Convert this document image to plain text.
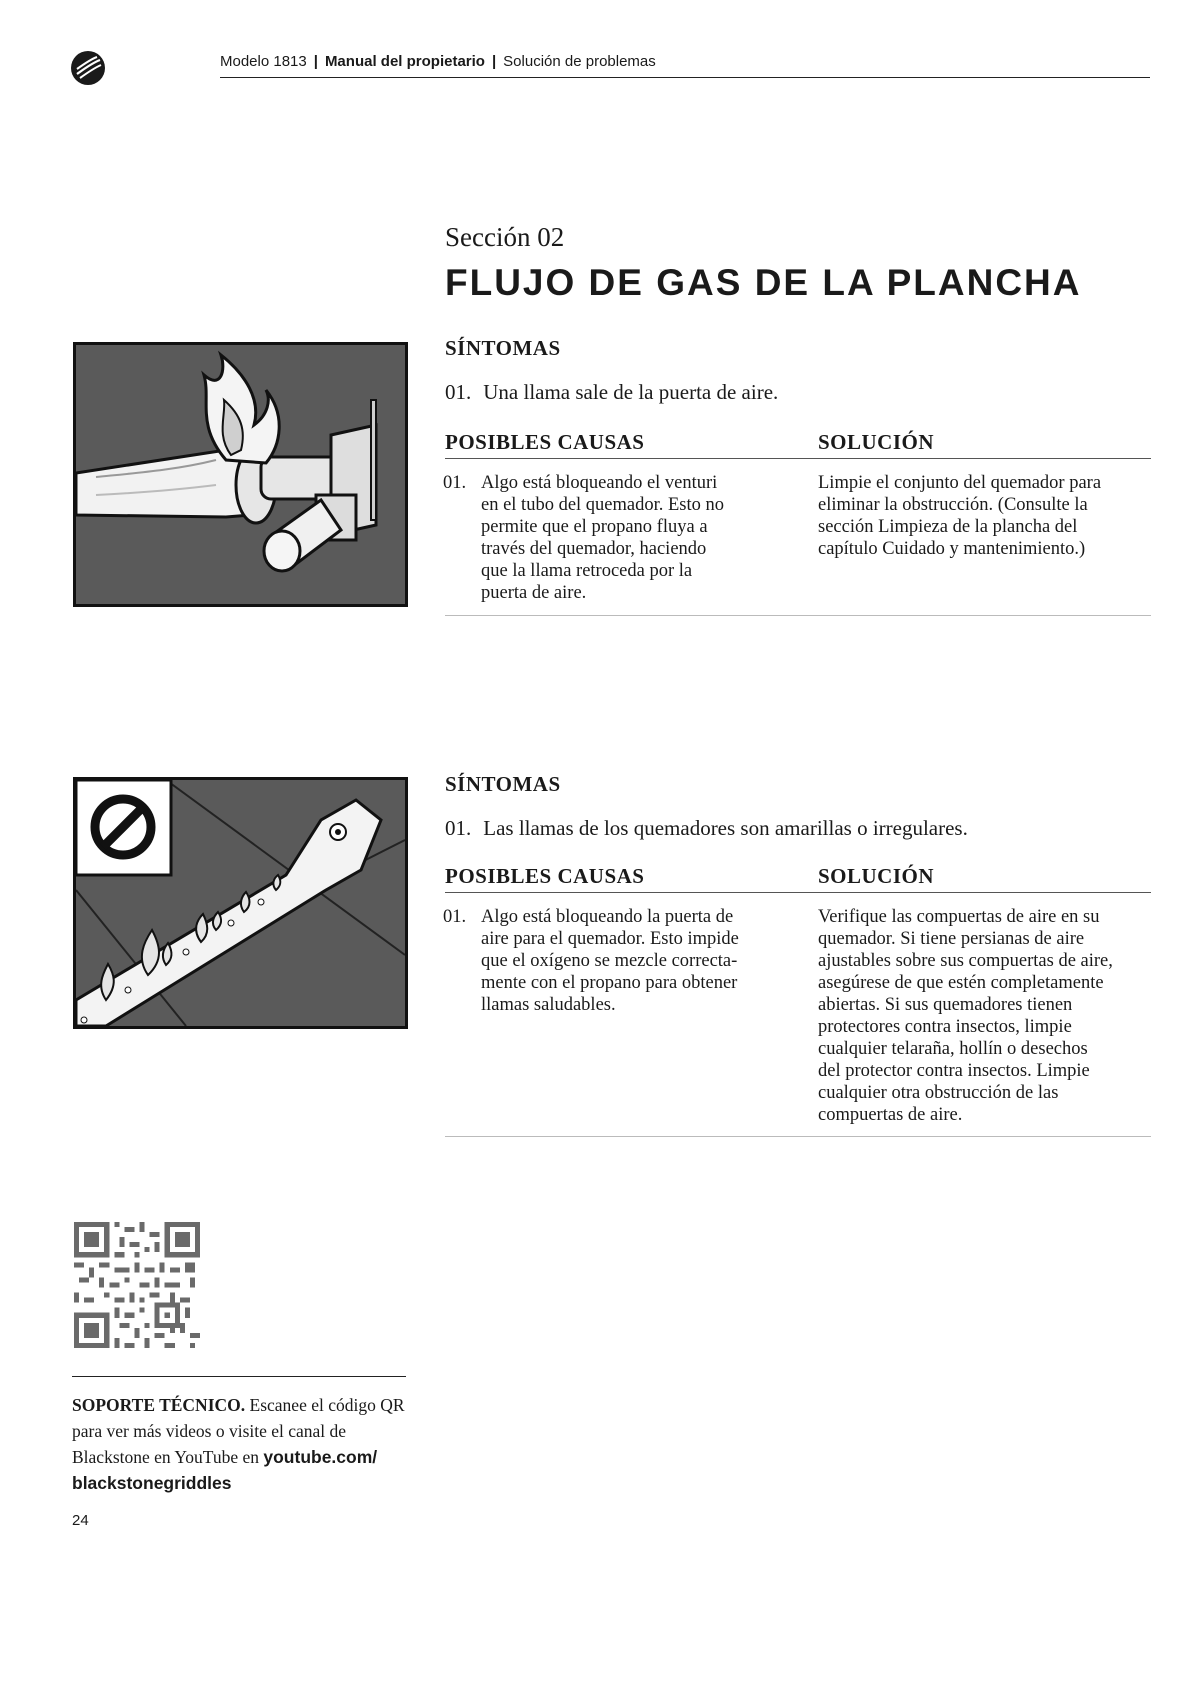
Modelo 1813 | Manual del propietario | Solución de problemas
Sección 02
FLUJO DE GAS DE LA PLANCHA
SÍNTOMAS
01. Una llama sale de la puerta de aire.
POSIBLES CAUSAS	SOLUCIÓN
01. Algo está bloqueando el venturi
en el tubo del quemador. Esto no
permite que el propano fluya a
través del quemador, haciendo
que la llama retroceda por la
puerta de aire.
Limpie el conjunto del quemador para
eliminar la obstrucción. (Consulte la
sección Limpieza de la plancha del
capítulo Cuidado y mantenimiento.)
SÍNTOMAS
01. Las llamas de los quemadores son amarillas o irregulares.
POSIBLES CAUSAS	SOLUCIÓN
01. Algo está bloqueando la puerta de
aire para el quemador. Esto impide
que el oxígeno se mezcle correcta-
mente con el propano para obtener
llamas saludables.
Verifique las compuertas de aire en su
quemador. Si tiene persianas de aire
ajustables sobre sus compuertas de aire,
asegúrese de que estén completamente
abiertas. Si sus quemadores tienen
protectores contra insectos, limpie
cualquier telaraña, hollín o desechos
del protector contra insectos. Limpie
cualquier otra obstrucción de las
compuertas de aire.
SOPORTE TÉCNICO. Escanee el código QR para ver más videos o visite el canal de Blackstone en YouTube en youtube.com/ blackstonegriddles
24
